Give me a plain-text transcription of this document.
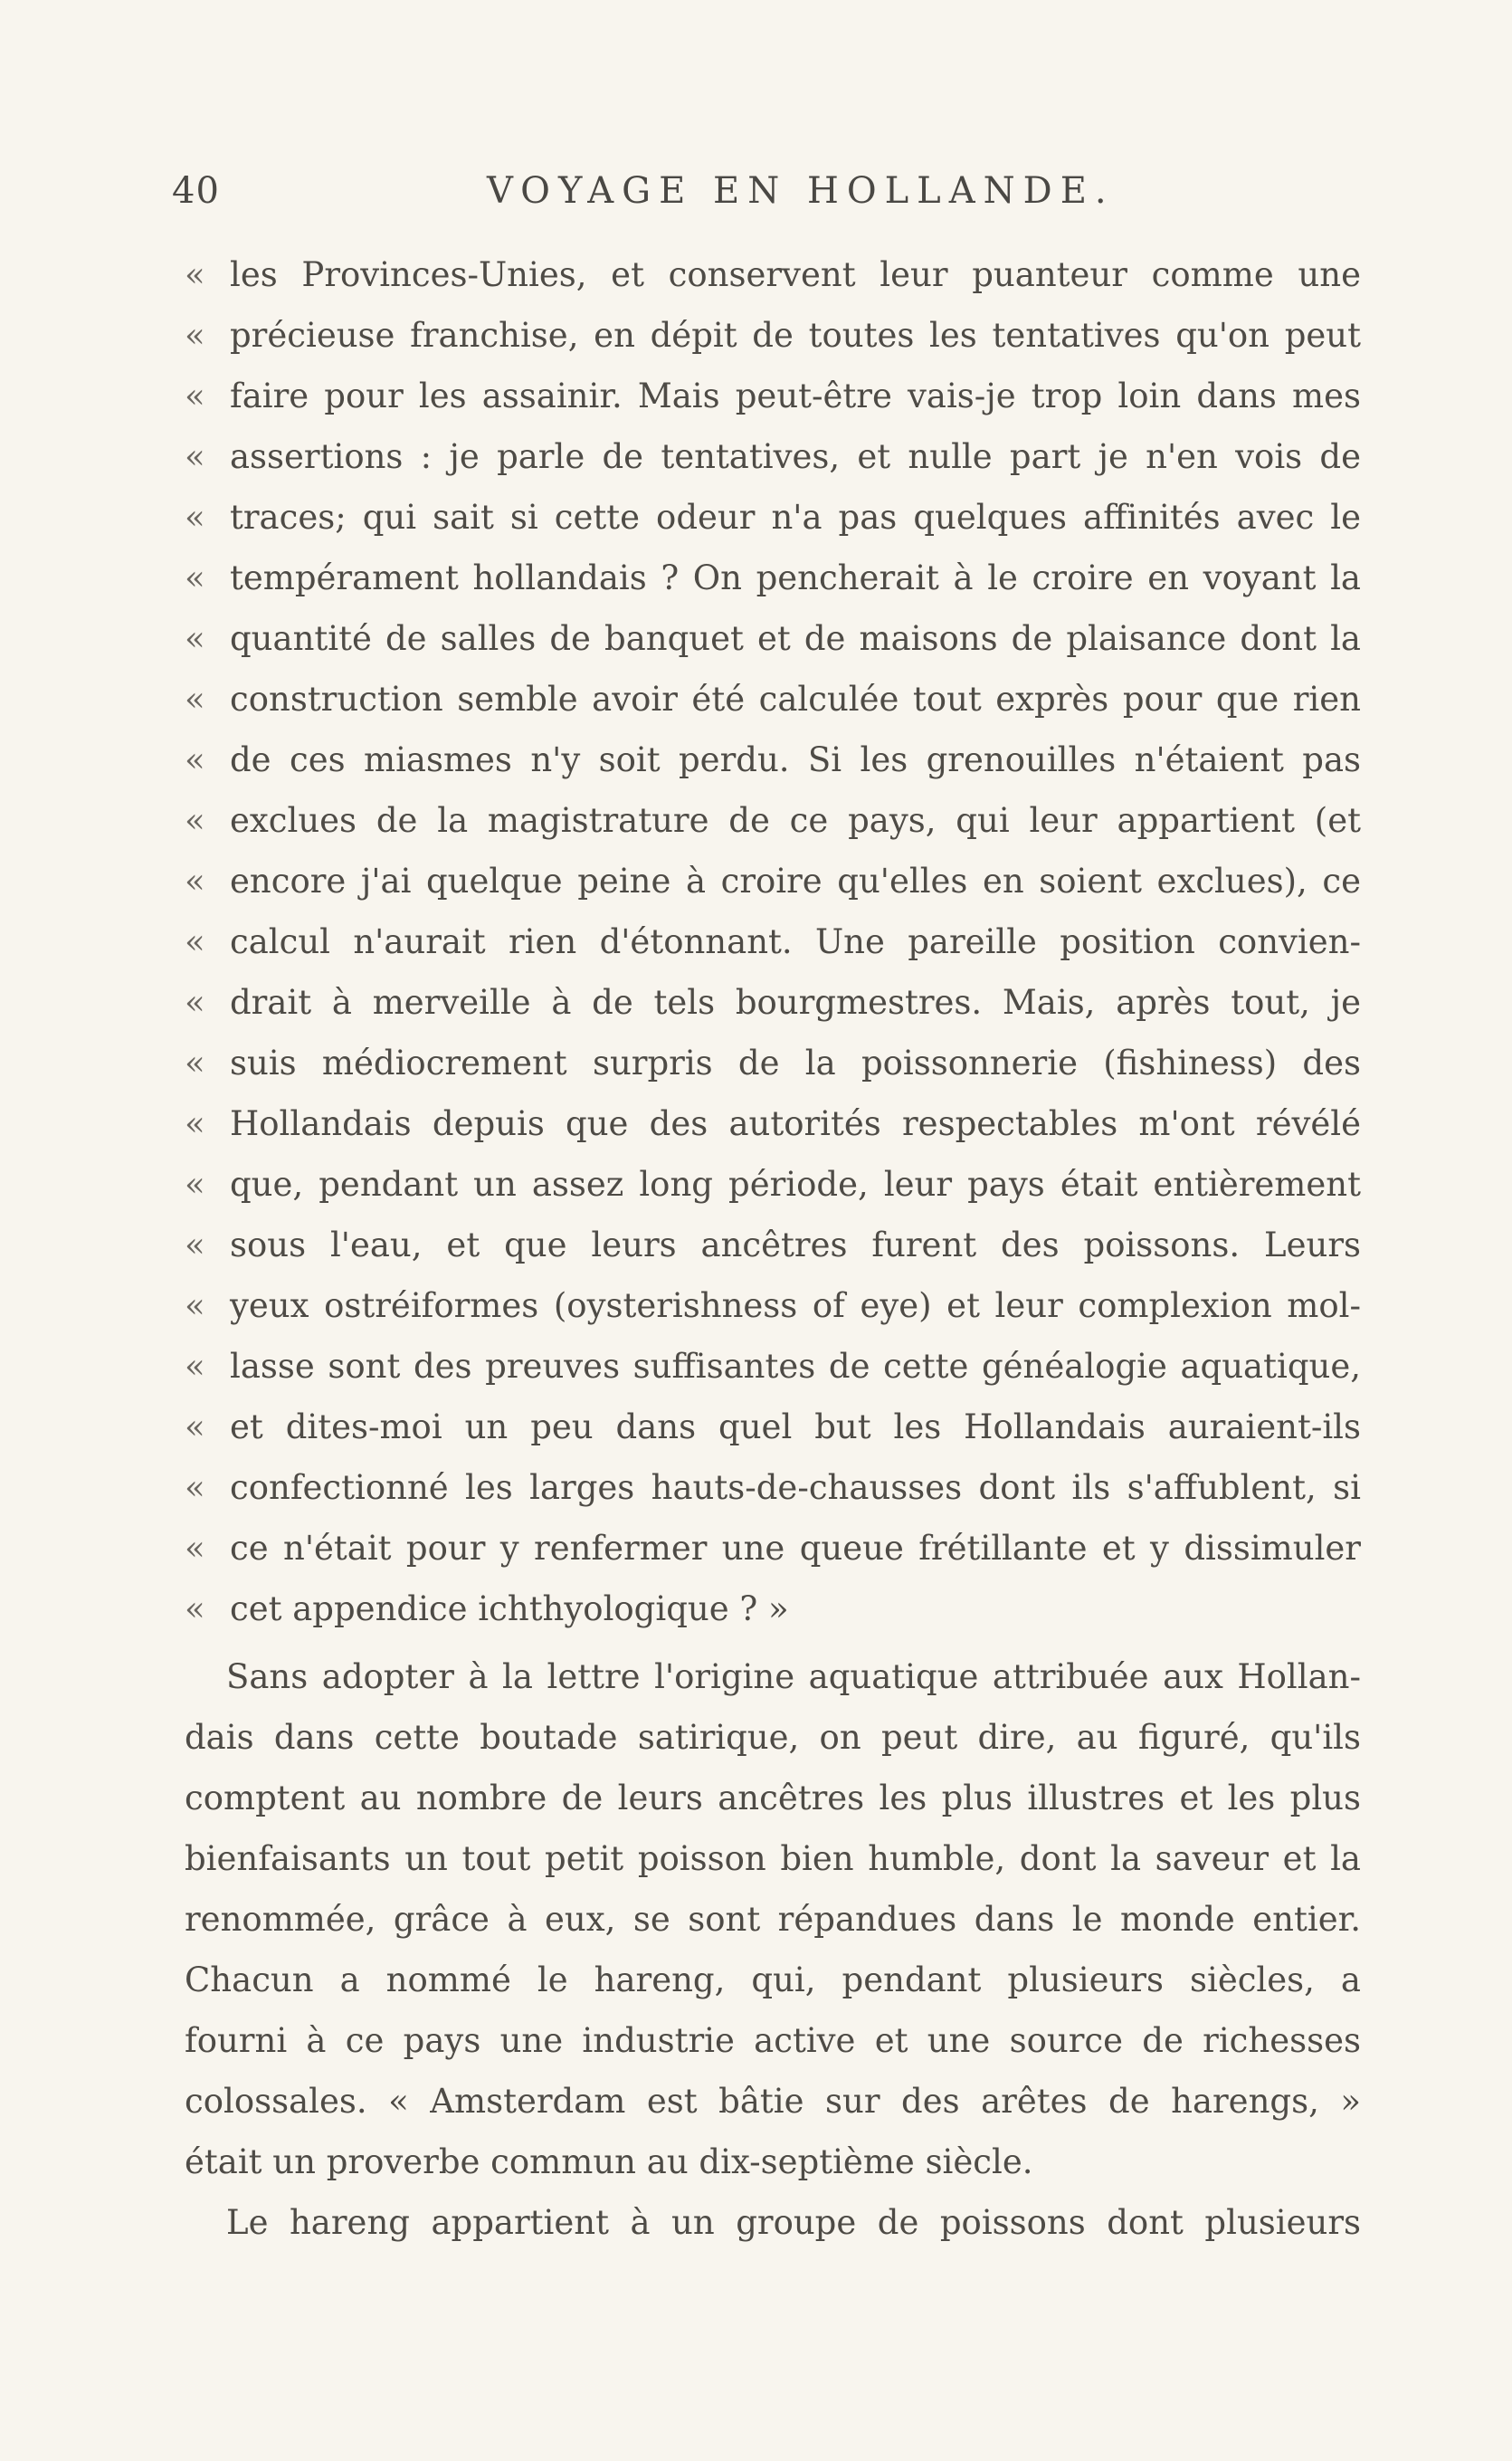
40	VOYAGE EN HOLLANDE.
« les Provinces-Unies, et conservent leur puanteur comme une
« précieuse franchise, en dépit de toutes les tentatives qu'on peut
« faire pour les assainir. Mais peut-être vais-je trop loin dans mes
« assertions : je parle de tentatives, et nulle part je n'en vois de
« traces; qui sait si cette odeur n'a pas quelques affinités avec le
« tempérament hollandais ? On pencherait à le croire en voyant la
« quantité de salles de banquet et de maisons de plaisance dont la
« construction semble avoir été calculée tout exprès pour que rien
« de ces miasmes n'y soit perdu. Si les grenouilles n'étaient pas
« exclues de la magistrature de ce pays, qui leur appartient (et
« encore j'ai quelque peine à croire qu'elles en soient exclues), ce
« calcul n'aurait rien d'étonnant. Une pareille position convien-
« drait à merveille à de tels bourgmestres. Mais, après tout, je
« suis médiocrement surpris de la poissonnerie (fishiness) des
« Hollandais depuis que des autorités respectables m'ont révélé
« que, pendant un assez long période, leur pays était entièrement
« sous l'eau, et que leurs ancêtres furent des poissons. Leurs
« yeux ostréiformes (oysterishness of eye) et leur complexion mol-
« lasse sont des preuves suffisantes de cette généalogie aquatique,
« et dites-moi un peu dans quel but les Hollandais auraient-ils
« confectionné les larges hauts-de-chausses dont ils s'affublent, si
« ce n'était pour y renfermer une queue frétillante et y dissimuler
« cet appendice ichthyologique ? »
Sans adopter à la lettre l'origine aquatique attribuée aux Hollan-
dais dans cette boutade satirique, on peut dire, au figuré, qu'ils
comptent au nombre de leurs ancêtres les plus illustres et les plus
bienfaisants un tout petit poisson bien humble, dont la saveur et la
renommée, grâce à eux, se sont répandues dans le monde entier.
Chacun a nommé le hareng, qui, pendant plusieurs siècles, a
fourni à ce pays une industrie active et une source de richesses
colossales. « Amsterdam est bâtie sur des arêtes de harengs, »
était un proverbe commun au dix-septième siècle.
Le hareng appartient à un groupe de poissons dont plusieurs
